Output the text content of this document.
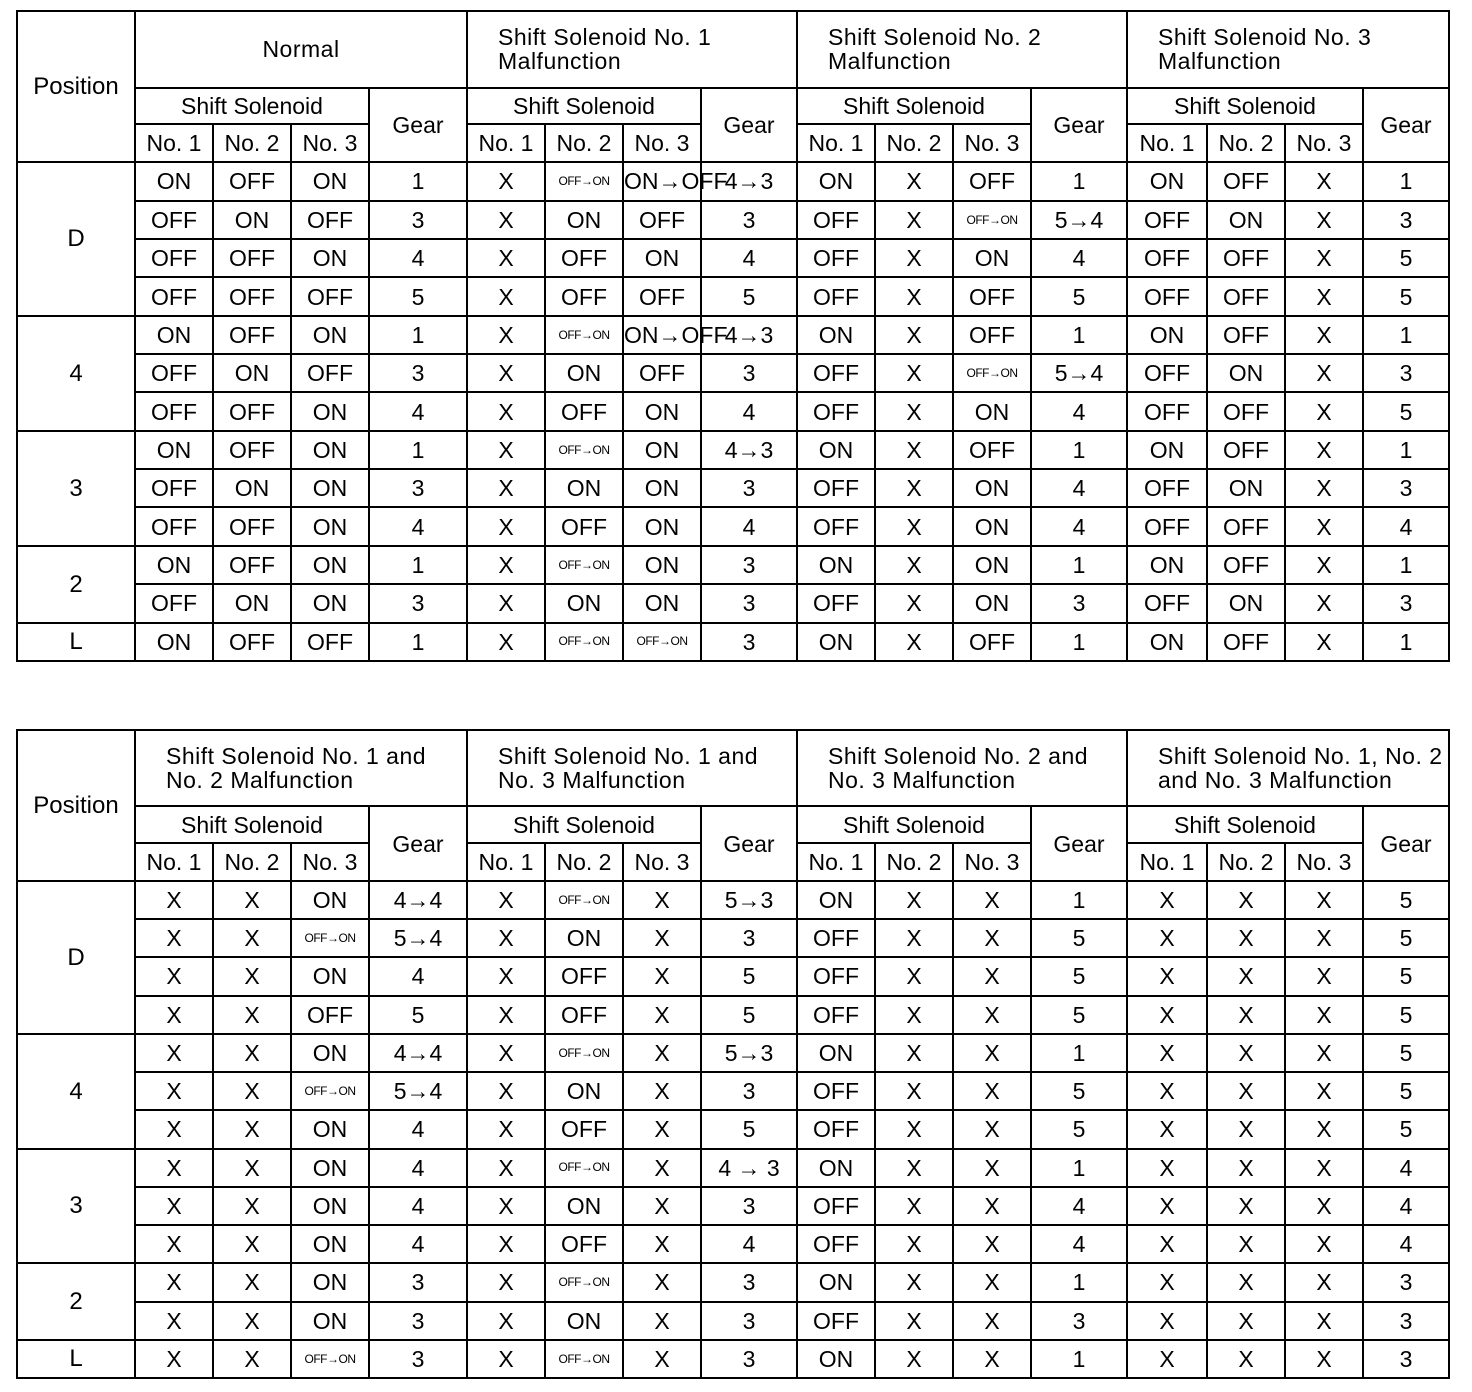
Position	Normal				Shift Solenoid No. 1 Malfunction				Shift Solenoid No. 2 Malfunction				Shift Solenoid No. 3 Malfunction			
	Shift Solenoid			Gear	Shift Solenoid			Gear	Shift Solenoid			Gear	Shift Solenoid			Gear
	No. 1	No. 2	No. 3		No. 1	No. 2	No. 3		No. 1	No. 2	No. 3		No. 1	No. 2	No. 3	
D	ON	OFF	ON	1	X	OFF→ON	ON→OFF	4→3	ON	X	OFF	1	ON	OFF	X	1
	OFF	ON	OFF	3	X	ON	OFF	3	OFF	X	OFF→ON	5→4	OFF	ON	X	3
	OFF	OFF	ON	4	X	OFF	ON	4	OFF	X	ON	4	OFF	OFF	X	5
	OFF	OFF	OFF	5	X	OFF	OFF	5	OFF	X	OFF	5	OFF	OFF	X	5
4	ON	OFF	ON	1	X	OFF→ON	ON→OFF	4→3	ON	X	OFF	1	ON	OFF	X	1
	OFF	ON	OFF	3	X	ON	OFF	3	OFF	X	OFF→ON	5→4	OFF	ON	X	3
	OFF	OFF	ON	4	X	OFF	ON	4	OFF	X	ON	4	OFF	OFF	X	5
3	ON	OFF	ON	1	X	OFF→ON	ON	4→3	ON	X	OFF	1	ON	OFF	X	1
	OFF	ON	ON	3	X	ON	ON	3	OFF	X	ON	4	OFF	ON	X	3
	OFF	OFF	ON	4	X	OFF	ON	4	OFF	X	ON	4	OFF	OFF	X	4
2	ON	OFF	ON	1	X	OFF→ON	ON	3	ON	X	ON	1	ON	OFF	X	1
	OFF	ON	ON	3	X	ON	ON	3	OFF	X	ON	3	OFF	ON	X	3
L	ON	OFF	OFF	1	X	OFF→ON	OFF→ON	3	ON	X	OFF	1	ON	OFF	X	1
Position	Shift Solenoid No. 1 and No. 2 Malfunction				Shift Solenoid No. 1 and No. 3 Malfunction				Shift Solenoid No. 2 and No. 3 Malfunction				Shift Solenoid No. 1, No. 2 and No. 3 Malfunction			
	Shift Solenoid			Gear	Shift Solenoid			Gear	Shift Solenoid			Gear	Shift Solenoid			Gear
	No. 1	No. 2	No. 3		No. 1	No. 2	No. 3		No. 1	No. 2	No. 3		No. 1	No. 2	No. 3	
D	X	X	ON	4→4	X	OFF→ON	X	5→3	ON	X	X	1	X	X	X	5
	X	X	OFF→ON	5→4	X	ON	X	3	OFF	X	X	5	X	X	X	5
	X	X	ON	4	X	OFF	X	5	OFF	X	X	5	X	X	X	5
	X	X	OFF	5	X	OFF	X	5	OFF	X	X	5	X	X	X	5
4	X	X	ON	4→4	X	OFF→ON	X	5→3	ON	X	X	1	X	X	X	5
	X	X	OFF→ON	5→4	X	ON	X	3	OFF	X	X	5	X	X	X	5
	X	X	ON	4	X	OFF	X	5	OFF	X	X	5	X	X	X	5
3	X	X	ON	4	X	OFF→ON	X	4 → 3	ON	X	X	1	X	X	X	4
	X	X	ON	4	X	ON	X	3	OFF	X	X	4	X	X	X	4
	X	X	ON	4	X	OFF	X	4	OFF	X	X	4	X	X	X	4
2	X	X	ON	3	X	OFF→ON	X	3	ON	X	X	1	X	X	X	3
	X	X	ON	3	X	ON	X	3	OFF	X	X	3	X	X	X	3
L	X	X	OFF→ON	3	X	OFF→ON	X	3	ON	X	X	1	X	X	X	3
